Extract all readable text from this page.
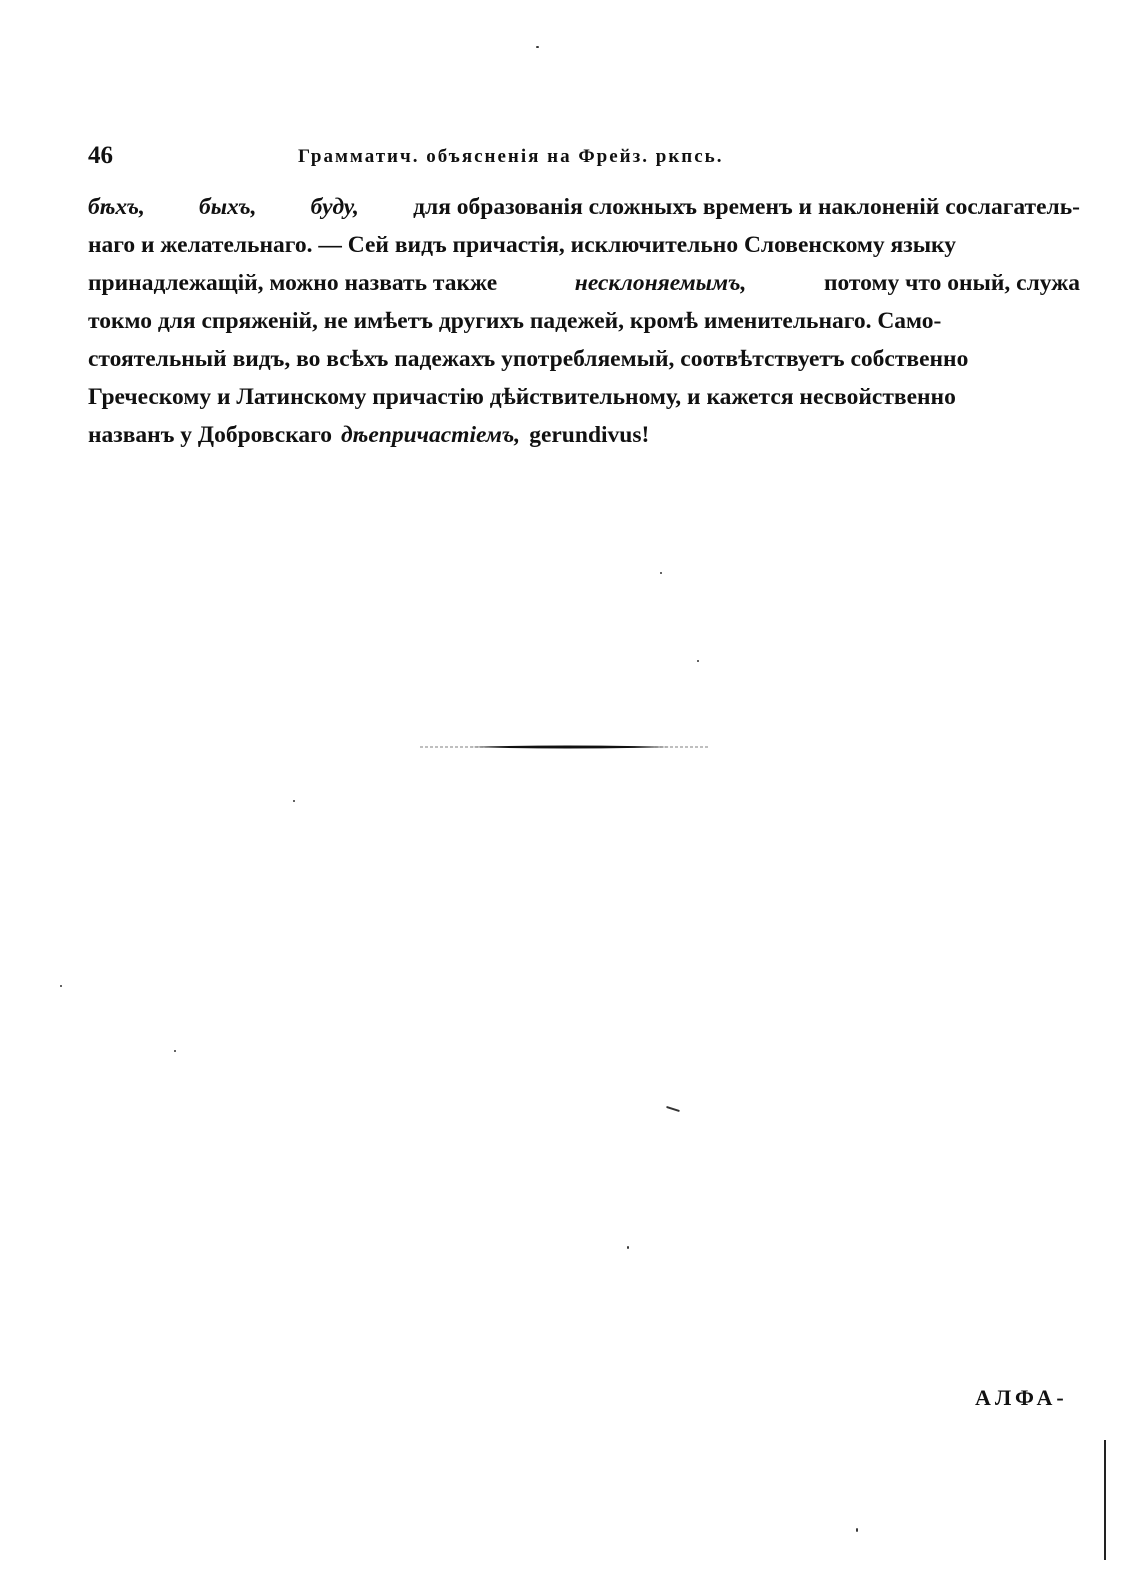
46	Грамматич. объясненія на Фрейз. ркпсь.
бѣхъ, быхъ, буду, для образованія сложныхъ временъ и наклоненій сослагатель-
наго и желательнаго. — Сей видъ причастія, исключительно Словенскому языку
принадлежащій, можно назвать также	несклоняемымъ,	потому что оный, служа
токмо для спряженій, не имѣетъ другихъ падежей, кромѣ именительнаго. Само-
стоятельный видъ, во всѣхъ падежахъ употребляемый, соотвѣтствуетъ собственно
Греческому и Латинскому причастію дѣйствительному, и кажется несвойственно
названъ у Добровскаго дѣепричастіемъ, gerundivus!
АЛФА-
